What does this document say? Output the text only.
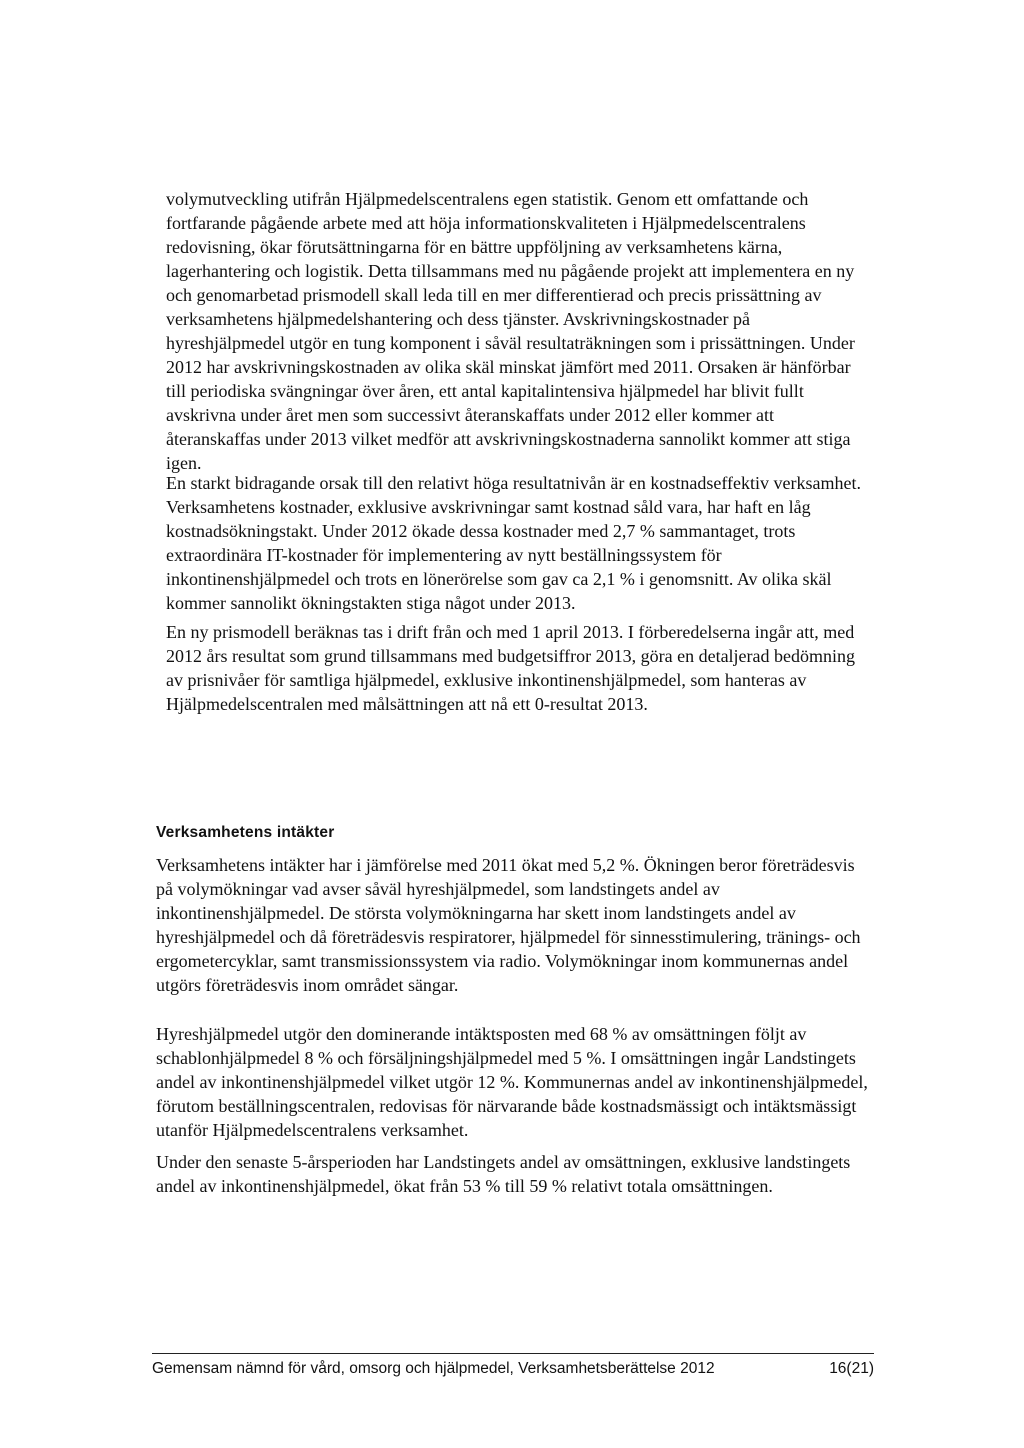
volymutveckling utifrån Hjälpmedelscentralens egen statistik. Genom ett omfattande och fortfarande pågående arbete med att höja informationskvaliteten i Hjälpmedelscentralens redovisning, ökar förutsättningarna för en bättre uppföljning av verksamhetens kärna, lagerhantering och logistik. Detta tillsammans med nu pågående projekt att implementera en ny och genomarbetad prismodell skall leda till en mer differentierad och precis prissättning av verksamhetens hjälpmedelshantering och dess tjänster. Avskrivningskostnader på hyreshjälpmedel utgör en tung komponent i såväl resultaträkningen som i prissättningen. Under 2012 har avskrivningskostnaden av olika skäl minskat jämfört med 2011. Orsaken är hänförbar till periodiska svängningar över åren, ett antal kapitalintensiva hjälpmedel har blivit fullt avskrivna under året men som successivt återanskaffats under 2012 eller kommer att återanskaffas under 2013 vilket medför att avskrivningskostnaderna sannolikt kommer att stiga igen.

En starkt bidragande orsak till den relativt höga resultatnivån är en kostnadseffektiv verksamhet. Verksamhetens kostnader, exklusive avskrivningar samt kostnad såld vara, har haft en låg kostnadsökningstakt. Under 2012 ökade dessa kostnader med 2,7 % sammantaget, trots extraordinära IT-kostnader för implementering av nytt beställningssystem för inkontinenshjälpmedel och trots en lönerörelse som gav ca 2,1 % i genomsnitt. Av olika skäl kommer sannolikt ökningstakten stiga något under 2013.

En ny prismodell beräknas tas i drift från och med 1 april 2013. I förberedelserna ingår att, med 2012 års resultat som grund tillsammans med budgetsiffror 2013, göra en detaljerad bedömning av prisnivåer för samtliga hjälpmedel, exklusive inkontinenshjälpmedel, som hanteras av Hjälpmedelscentralen med målsättningen att nå ett 0-resultat 2013.

Verksamhetens intäkter

Verksamhetens intäkter har i jämförelse med 2011 ökat med 5,2 %. Ökningen beror företrädesvis på volymökningar vad avser såväl hyreshjälpmedel, som landstingets andel av inkontinenshjälpmedel. De största volymökningarna har skett inom landstingets andel av hyreshjälpmedel och då företrädesvis respiratorer, hjälpmedel för sinnesstimulering, tränings- och ergometercyklar, samt transmissionssystem via radio. Volymökningar inom kommunernas andel utgörs företrädesvis inom området sängar.

Hyreshjälpmedel utgör den dominerande intäktsposten med 68 % av omsättningen följt av schablonhjälpmedel 8 % och försäljningshjälpmedel med 5 %. I omsättningen ingår Landstingets andel av inkontinenshjälpmedel vilket utgör 12 %. Kommunernas andel av inkontinenshjälpmedel, förutom beställningscentralen, redovisas för närvarande både kostnadsmässigt och intäktsmässigt utanför Hjälpmedelscentralens verksamhet.

Under den senaste 5-årsperioden har Landstingets andel av omsättningen, exklusive landstingets andel av inkontinenshjälpmedel, ökat från 53 % till 59 % relativt totala omsättningen.

Gemensam nämnd för vård, omsorg och hjälpmedel, Verksamhetsberättelse 2012	16(21)
